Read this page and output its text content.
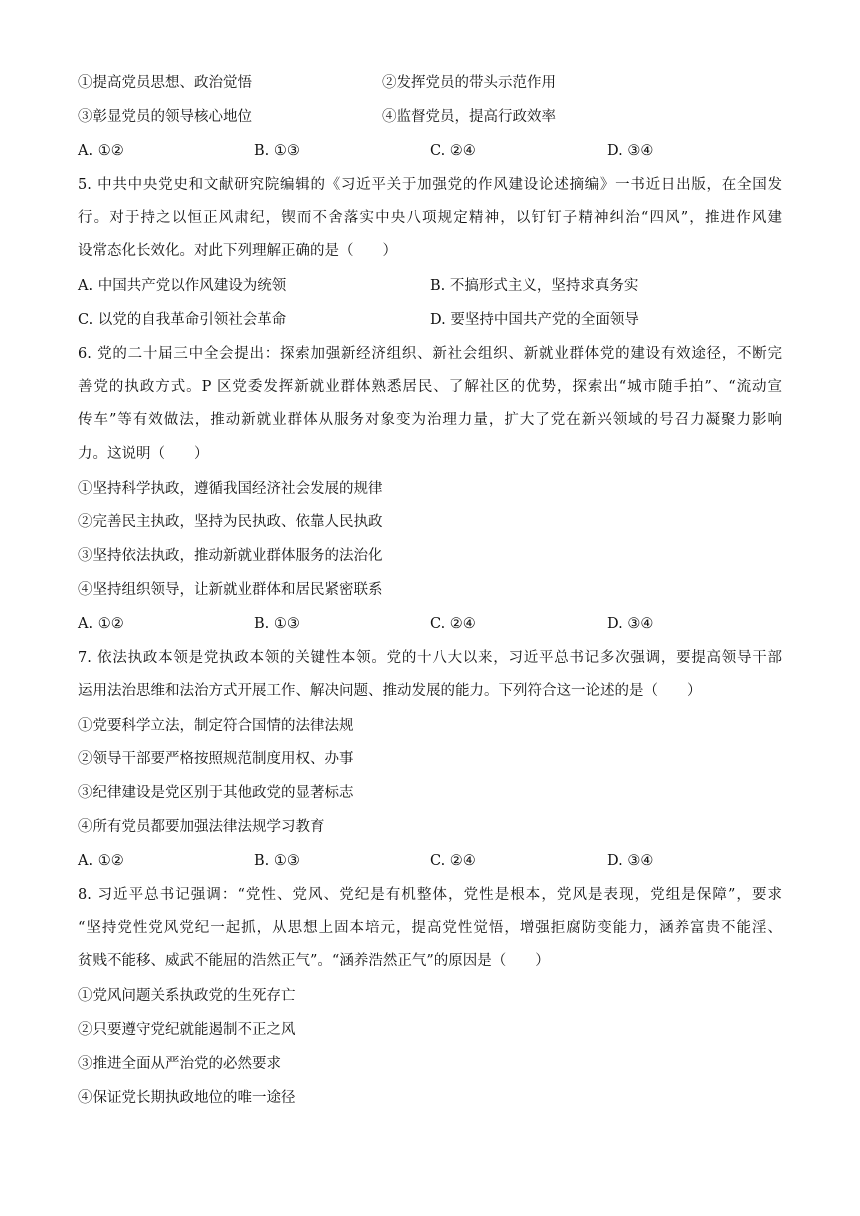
①提高党员思想、政治觉悟	②发挥党员的带头示范作用
③彰显党员的领导核心地位	④监督党员，提高行政效率
A. ①②	B. ①③	C. ②④	D. ③④
5. 中共中央党史和文献研究院编辑的《习近平关于加强党的作风建设论述摘编》一书近日出版，在全国发
行。对于持之以恒正风肃纪，锲而不舍落实中央八项规定精神，以钉钉子精神纠治“四风”，推进作风建
设常态化长效化。对此下列理解正确的是（　　）
A. 中国共产党以作风建设为统领	B. 不搞形式主义，坚持求真务实
C. 以党的自我革命引领社会革命	D. 要坚持中国共产党的全面领导
6. 党的二十届三中全会提出：探索加强新经济组织、新社会组织、新就业群体党的建设有效途径，不断完
善党的执政方式。P 区党委发挥新就业群体熟悉居民、了解社区的优势，探索出“城市随手拍”、“流动宣
传车”等有效做法，推动新就业群体从服务对象变为治理力量，扩大了党在新兴领域的号召力凝聚力影响
力。这说明（　　）
①坚持科学执政，遵循我国经济社会发展的规律
②完善民主执政，坚持为民执政、依靠人民执政
③坚持依法执政，推动新就业群体服务的法治化
④坚持组织领导，让新就业群体和居民紧密联系
A. ①②	B. ①③	C. ②④	D. ③④
7. 依法执政本领是党执政本领的关键性本领。党的十八大以来，习近平总书记多次强调，要提高领导干部
运用法治思维和法治方式开展工作、解决问题、推动发展的能力。下列符合这一论述的是（　　）
①党要科学立法，制定符合国情的法律法规
②领导干部要严格按照规范制度用权、办事
③纪律建设是党区别于其他政党的显著标志
④所有党员都要加强法律法规学习教育
A. ①②	B. ①③	C. ②④	D. ③④
8. 习近平总书记强调：“党性、党风、党纪是有机整体，党性是根本，党风是表现，党组是保障”，要求
“坚持党性党风党纪一起抓，从思想上固本培元，提高党性觉悟，增强拒腐防变能力，涵养富贵不能淫、
贫贱不能移、威武不能屈的浩然正气”。“涵养浩然正气”的原因是（　　）
①党风问题关系执政党的生死存亡
②只要遵守党纪就能遏制不正之风
③推进全面从严治党的必然要求
④保证党长期执政地位的唯一途径
